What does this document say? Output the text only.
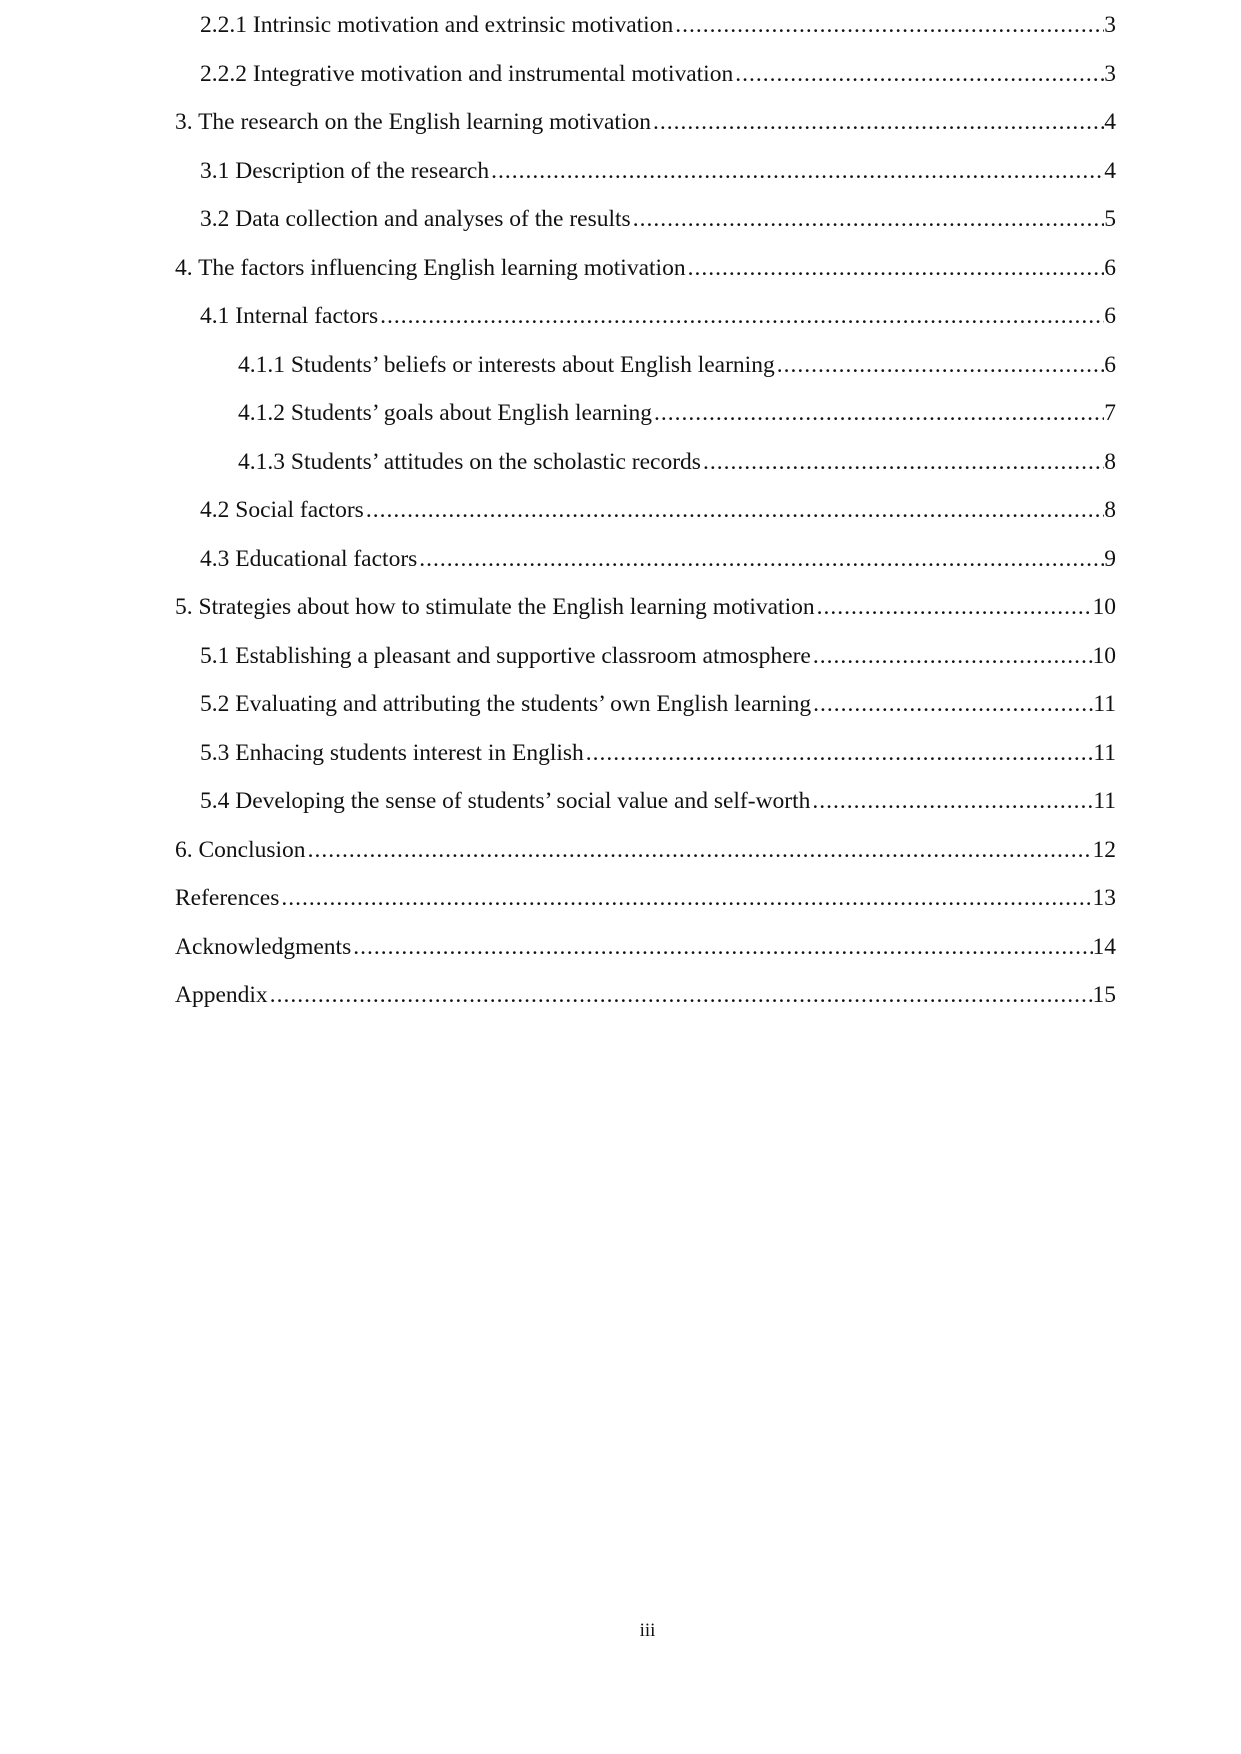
2.2.1 Intrinsic motivation and extrinsic motivation .....	3
2.2.2 Integrative motivation and instrumental motivation .....	3
3. The research on the English learning motivation .....	4
3.1 Description of the research .....	4
3.2 Data collection and analyses of the results .....	5
4. The factors influencing English learning motivation .....	6
4.1 Internal factors .....	6
4.1.1 Students’ beliefs or interests about English learning .....	6
4.1.2 Students’ goals about English learning .....	7
4.1.3 Students’ attitudes on the scholastic records .....	8
4.2 Social factors .....	8
4.3 Educational factors .....	9
5. Strategies about how to stimulate the English learning motivation .....	10
5.1 Establishing a pleasant and supportive classroom atmosphere .....	10
5.2 Evaluating and attributing the students’ own English learning .....	11
5.3 Enhacing students interest in English .....	11
5.4 Developing the sense of students’ social value and self-worth .....	11
6. Conclusion .....	12
References .....	13
Acknowledgments .....	14
Appendix .....	15
iii
